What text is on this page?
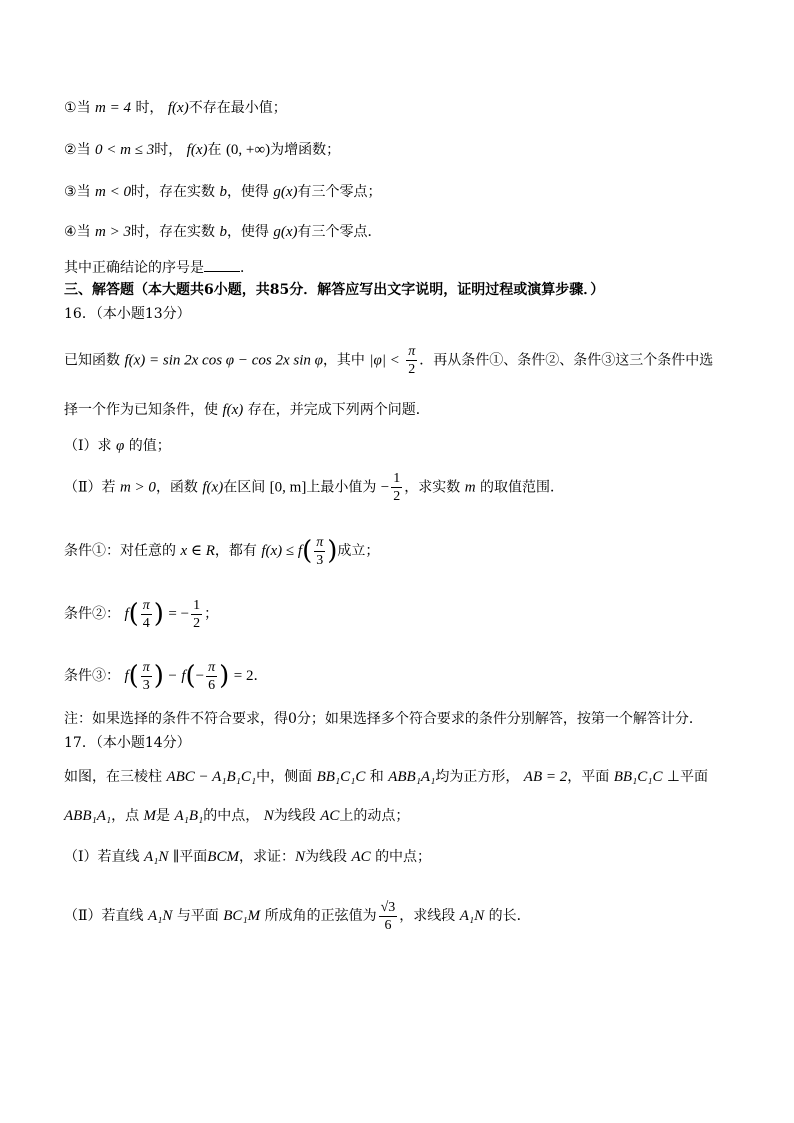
①当 m = 4 时， f(x)不存在最小值；
②当 0 < m ≤ 3时， f(x)在 (0, +∞)为增函数；
③当 m < 0时，存在实数 b，使得 g(x)有三个零点；
④当 m > 3时，存在实数 b，使得 g(x)有三个零点．
其中正确结论的序号是	．
三、解答题（本大题共6小题，共85分．解答应写出文字说明，证明过程或演算步骤．）
16．（本小题13分）
已知函数 f(x) = sin 2x cos φ − cos 2x sin φ，其中 $|\varphi| < \frac{\pi}{2}$ ．再从条件①、条件②、条件③这三个条件中选
择一个作为已知条件，使 f(x) 存在，并完成下列两个问题．
（Ⅰ）求 φ 的值；
（Ⅱ）若 m > 0，函数 f(x)在区间 [0, m]上最小值为 − $\frac{1}{2}$ ，求实数 m 的取值范围．
条件①：对任意的 x ∈ R，都有 $f(x) \le f( \frac{\pi}{3}$ )成立；
条件②： $f( \frac{\pi}{4}$ ) = − $\frac{1}{2}$ ；
条件③： $f( \frac{\pi}{3}$ ) − $f(- \frac{\pi}{6}$ ) = 2．
注：如果选择的条件不符合要求，得0分；如果选择多个符合要求的条件分别解答，按第一个解答计分．
17．（本小题14分）
如图，在三棱柱 ABC − A₁B₁C₁中，侧面 BB₁C₁C 和 ABB₁A₁均为正方形， AB = 2，平面 BB₁C₁C ⊥平面
ABB₁A₁，点 M是 A₁B₁的中点， N为线段 AC上的动点；
（Ⅰ）若直线 A₁N ∥平面BCM，求证：N为线段 AC 的中点；
（Ⅱ）若直线 A₁N 与平面 BC₁M 所成角的正弦值为 $\frac{√3}{6}$ ，求线段 A₁N 的长．
